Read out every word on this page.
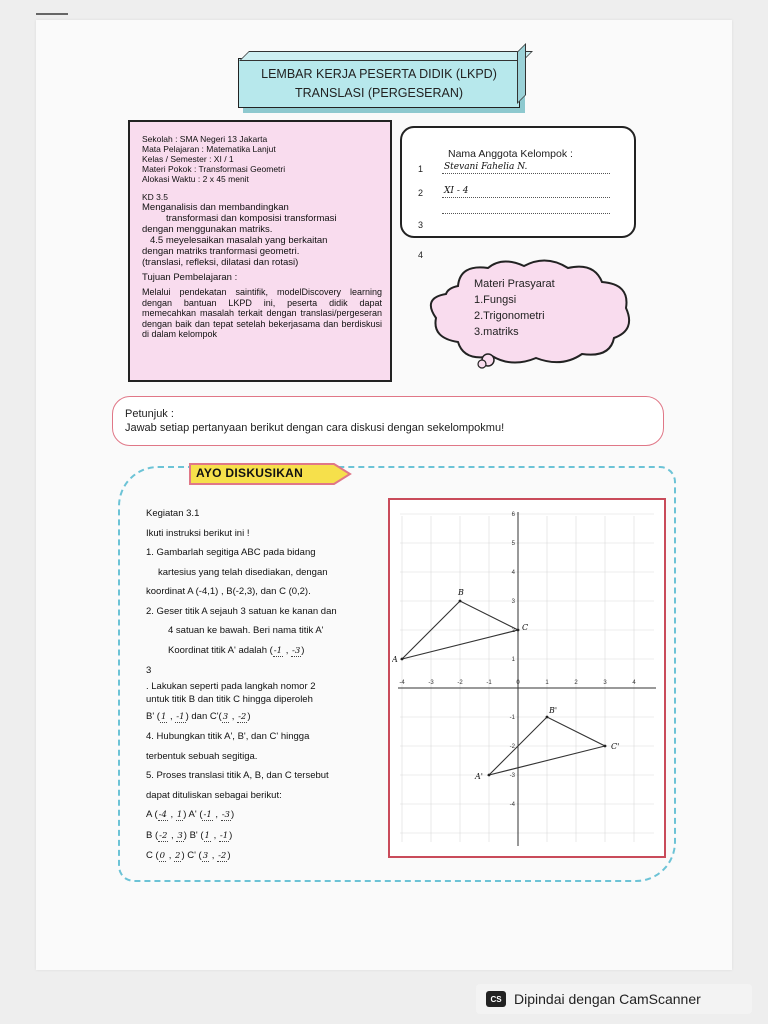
LEMBAR KERJA PESERTA DIDIK (LKPD)
TRANSLASI (PERGESERAN)
Sekolah : SMA Negeri 13 Jakarta
Mata Pelajaran : Matematika Lanjut
Kelas / Semester : XI / 1
Materi Pokok : Transformasi Geometri
Alokasi Waktu : 2 x 45 menit
KD 3.5
Menganalisis dan membandingkan
transformasi dan komposisi transformasi
dengan menggunakan matriks.
4.5 meyelesaikan masalah yang berkaitan
dengan matriks tranformasi geometri.
(translasi, refleksi, dilatasi dan rotasi)
Tujuan Pembelajaran :
Melalui pendekatan saintifik, modelDiscovery learning dengan bantuan LKPD ini, peserta didik dapat memecahkan masalah terkait dengan translasi/pergeseran dengan baik dan tepat setelah bekerjasama dan berdiskusi di dalam kelompok
Nama Anggota Kelompok :
1	Stevani Fahelia N.
2	XI - 4
3
4
Materi Prasyarat
1.Fungsi
2.Trigonometri
3.matriks
Petunjuk :
Jawab setiap pertanyaan berikut dengan cara diskusi dengan sekelompokmu!
AYO DISKUSIKAN
Kegiatan 3.1
Ikuti instruksi berikut ini !
1. Gambarlah segitiga ABC pada bidang
kartesius yang telah disediakan, dengan
koordinat A (-4,1) , B(-2,3), dan C (0,2).
2. Geser titik A sejauh 3 satuan ke kanan dan
4 satuan ke bawah. Beri nama titik A'
Koordinat titik A' adalah (-1 , -3)
3
. Lakukan seperti pada langkah nomor 2
untuk titik B dan titik C hingga diperoleh
B' (1 , -1) dan C'(3 , -2)
4. Hubungkan titik A', B', dan C' hingga
terbentuk sebuah segitiga.
5. Proses translasi titik A, B, dan C tersebut
dapat dituliskan sebagai berikut:
A (-4 , 1) A' (-1 , -3)
B (-2 , 3) B' (1 , -1)
C (0 , 2) C' (3 , -2)
-4	-3	-2	-1	0	1	2	3	4
6
5
4
3
2
1
-1
-2
-3
-4
A
B
C
A'
B'
C'
CS Dipindai dengan CamScanner
